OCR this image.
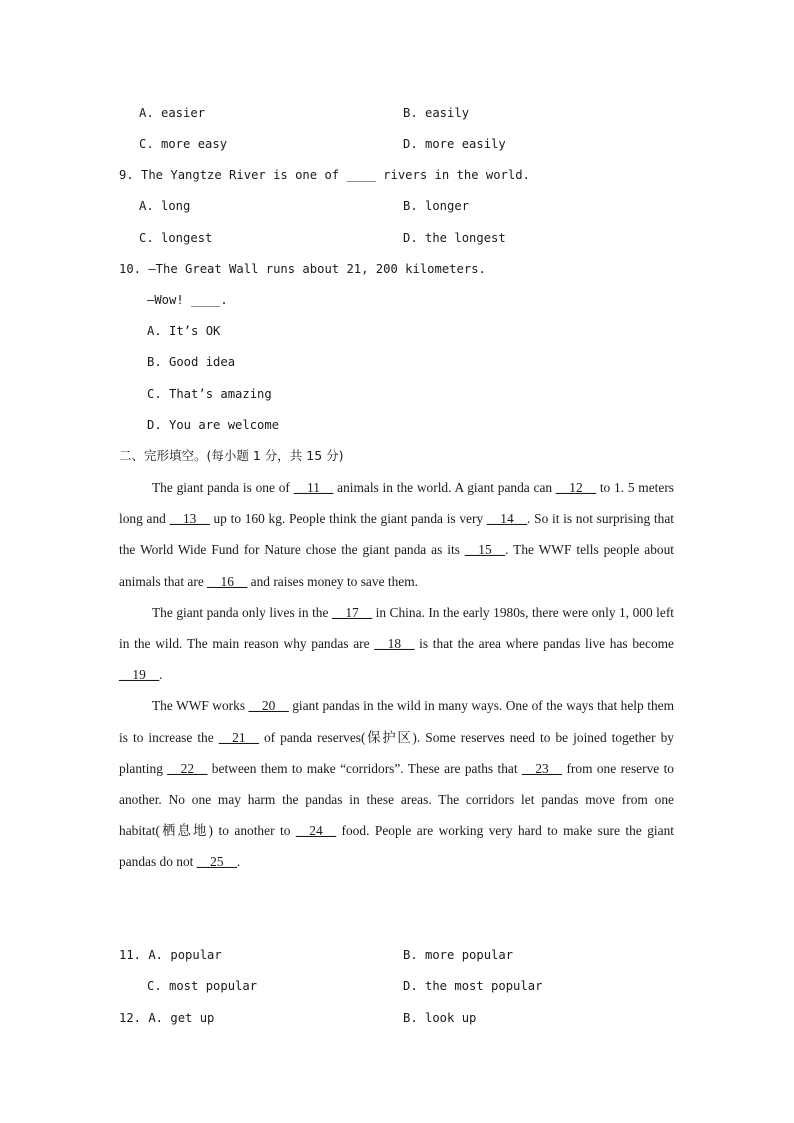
A. easier	B. easily
C. more easy	D. more easily
9. The Yangtze River is one of ____ rivers in the world.
A. long	B. longer
C. longest	D. the longest
10. —The Great Wall runs about 21, 200 kilometers.
—Wow! ____.
A. It’s OK
B. Good idea
C. That’s amazing
D. You are welcome
二、完形填空。(每小题 1 分，共 15 分)

The giant panda is one of __11__ animals in the world. A giant panda can __12__ to 1. 5 meters long and __13__ up to 160 kg. People think the giant panda is very __14__. So it is not surprising that the World Wide Fund for Nature chose the giant panda as its __15__. The WWF tells people about animals that are __16__ and raises money to save them.

The giant panda only lives in the __17__ in China. In the early 1980s, there were only 1, 000 left in the wild. The main reason why pandas are __18__ is that the area where pandas live has become __19__.

The WWF works __20__ giant pandas in the wild in many ways. One of the ways that help them is to increase the __21__ of panda reserves(保护区). Some reserves need to be joined together by planting __22__ between them to make “corridors”. These are paths that __23__ from one reserve to another. No one may harm the pandas in these areas. The corridors let pandas move from one habitat(栖息地) to another to __24__ food. People are working very hard to make sure the giant pandas do not __25__.

11. A. popular	B. more popular
C. most popular	D. the most popular
12. A. get up	B. look up
